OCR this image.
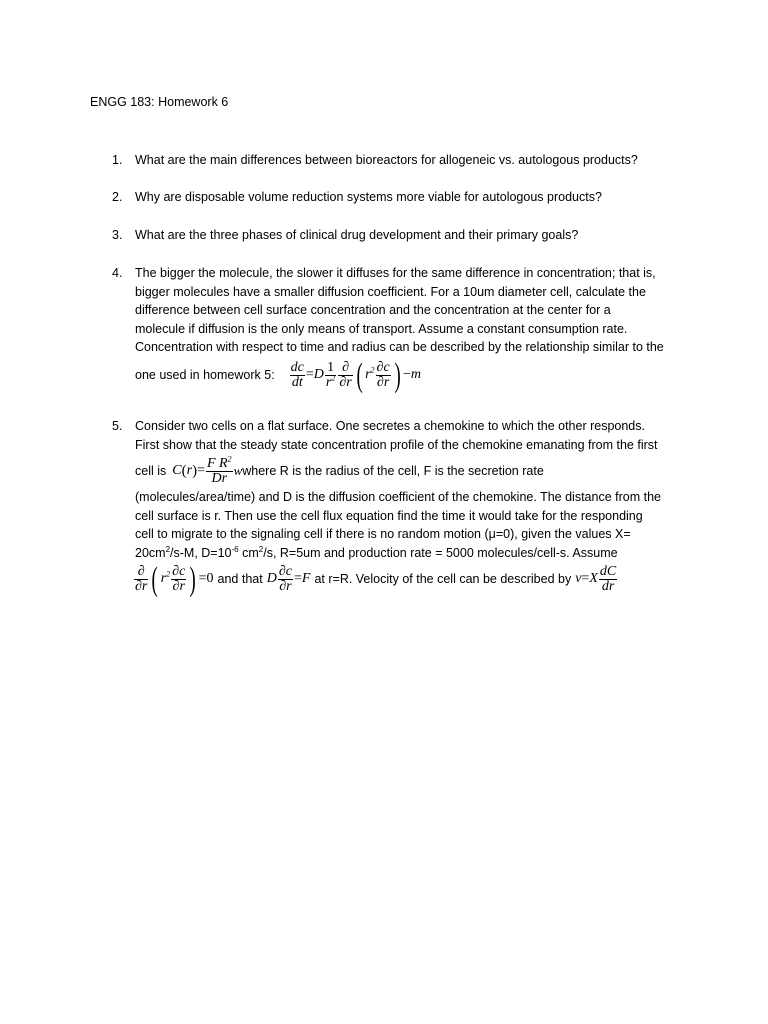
ENGG 183: Homework 6
1. What are the main differences between bioreactors for allogeneic vs. autologous products?
2. Why are disposable volume reduction systems more viable for autologous products?
3. What are the three phases of clinical drug development and their primary goals?
4. The bigger the molecule, the slower it diffuses for the same difference in concentration; that is,
bigger molecules have a smaller diffusion coefficient. For a 10um diameter cell, calculate the
difference between cell surface concentration and the concentration at the center for a
molecule if diffusion is the only means of transport. Assume a constant consumption rate.
Concentration with respect to time and radius can be described by the relationship similar to the
one used in homework 5: $\frac{dc}{dt} = D \frac{1}{r^2} \frac{\partial}{\partial r}$ ( $r^2 \frac{\partial c}{\partial r}$ ) − m
5. Consider two cells on a flat surface. One secretes a chemokine to which the other responds.
First show that the steady state concentration profile of the chemokine emanating from the first
cell is C ( r ) = $\frac{F R^2}{Dr}$ w where R is the radius of the cell, F is the secretion rate
(molecules/area/time) and D is the diffusion coefficient of the chemokine. The distance from the
cell surface is r. Then use the cell flux equation find the time it would take for the responding
cell to migrate to the signaling cell if there is no random motion (μ=0), given the values X=
$20cm^2/s-M$, $D=10^{-6}$ $cm^2/s$, R=5um and production rate = 5000 molecules/cell-s. Assume
$\frac{\partial}{\partial r}$ ( $r^2 \frac{\partial c}{\partial r}$ ) =0 and that D $\frac{\partial c}{\partial r} = F$ at r=R. Velocity of the cell can be described by v = X $\frac{dC}{dr}$
